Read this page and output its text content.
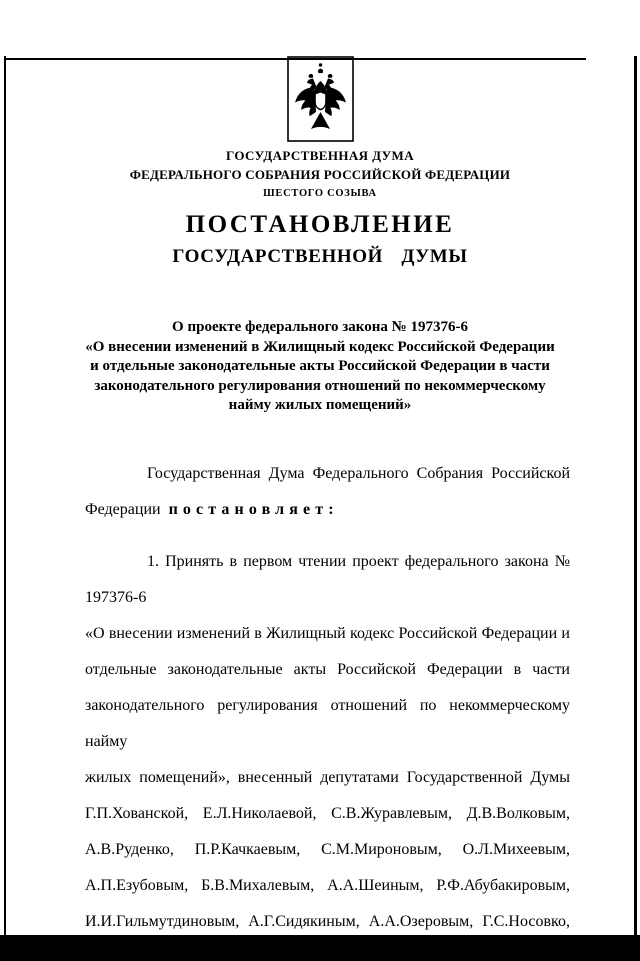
ГОСУДАРСТВЕННАЯ ДУМА
ФЕДЕРАЛЬНОГО СОБРАНИЯ РОССИЙСКОЙ ФЕДЕРАЦИИ
ШЕСТОГО СОЗЫВА
ПОСТАНОВЛЕНИЕ
ГОСУДАРСТВЕННОЙ ДУМЫ
О проекте федерального закона № 197376-6
«О внесении изменений в Жилищный кодекс Российской Федерации
и отдельные законодательные акты Российской Федерации в части
законодательного регулирования отношений по некоммерческому
найму жилых помещений»
Государственная Дума Федерального Собрания Российской
Федерации постановляет:
1. Принять в первом чтении проект федерального закона № 197376-6
«О внесении изменений в Жилищный кодекс Российской Федерации и
отдельные законодательные акты Российской Федерации в части
законодательного регулирования отношений по некоммерческому найму
жилых помещений», внесенный депутатами Государственной Думы
Г.П.Хованской, Е.Л.Николаевой, С.В.Журавлевым, Д.В.Волковым,
А.В.Руденко, П.Р.Качкаевым, С.М.Мироновым, О.Л.Михеевым,
А.П.Езубовым, Б.В.Михалевым, А.А.Шеиным, Р.Ф.Абубакировым,
И.И.Гильмутдиновым, А.Г.Сидякиным, А.А.Озеровым, Г.С.Носовко,
